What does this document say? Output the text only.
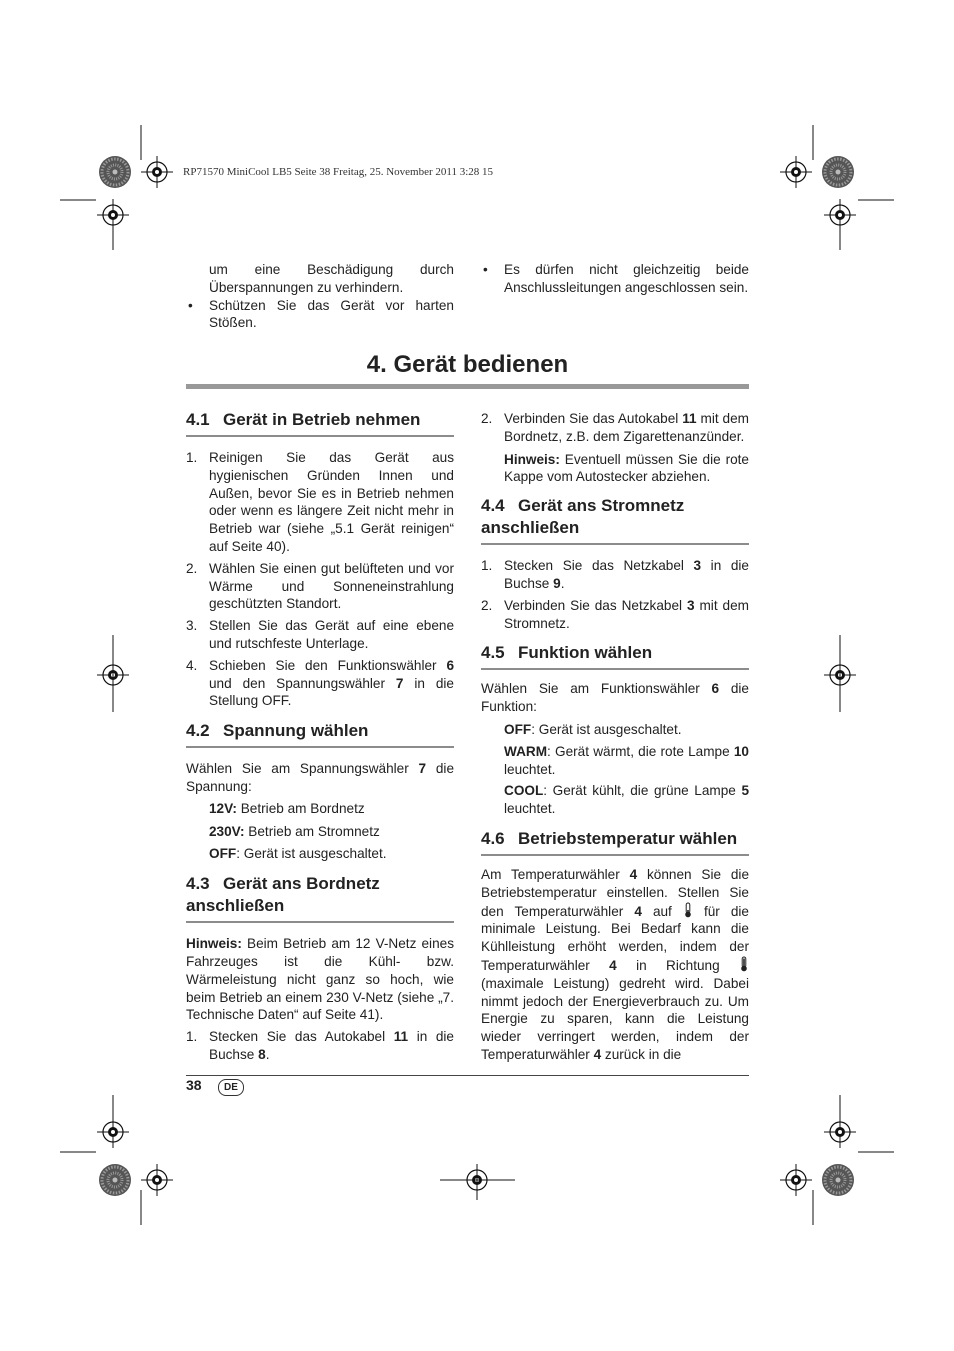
RP71570 MiniCool LB5 Seite 38 Freitag, 25. November 2011 3:28 15

um eine Beschädigung durch Überspannungen zu verhindern.

• Schützen Sie das Gerät vor harten Stößen.
• Es dürfen nicht gleichzeitig beide Anschlussleitungen angeschlossen sein.
4. Gerät bedienen
4.1 Gerät in Betrieb nehmen
1. Reinigen Sie das Gerät aus hygienischen Gründen Innen und Außen, bevor Sie es in Betrieb nehmen oder wenn es längere Zeit nicht mehr in Betrieb war (siehe „5.1 Gerät reinigen“ auf Seite 40).
2. Wählen Sie einen gut belüfteten und vor Wärme und Sonneneinstrahlung geschützten Standort.
3. Stellen Sie das Gerät auf eine ebene und rutschfeste Unterlage.
4. Schieben Sie den Funktionswähler 6 und den Spannungswähler 7 in die Stellung OFF.
4.2 Spannung wählen

Wählen Sie am Spannungswähler 7 die Spannung:

12V: Betrieb am Bordnetz

230V: Betrieb am Stromnetz

OFF: Gerät ist ausgeschaltet.

4.3 Gerät ans Bordnetz anschließen

Hinweis: Beim Betrieb am 12 V-Netz eines Fahrzeuges ist die Kühl- bzw. Wärmeleistung nicht ganz so hoch, wie beim Betrieb an einem 230 V-Netz (siehe „7. Technische Daten“ auf Seite 41).

1. Stecken Sie das Autokabel 11 in die Buchse 8.
2. Verbinden Sie das Autokabel 11 mit dem Bordnetz, z.B. dem Zigarettenanzünder.

Hinweis: Eventuell müssen Sie die rote Kappe vom Autostecker abziehen.

4.4 Gerät ans Stromnetz anschließen
1. Stecken Sie das Netzkabel 3 in die Buchse 9.
2. Verbinden Sie das Netzkabel 3 mit dem Stromnetz.
4.5 Funktion wählen

Wählen Sie am Funktionswähler 6 die Funktion:

OFF: Gerät ist ausgeschaltet.

WARM: Gerät wärmt, die rote Lampe 10 leuchtet.

COOL: Gerät kühlt, die grüne Lampe 5 leuchtet.

4.6 Betriebstemperatur wählen

Am Temperaturwähler 4 können Sie die Betriebstemperatur einstellen. Stellen Sie den Temperaturwähler 4 auf  für die minimale Leistung. Bei Bedarf kann die Kühlleistung erhöht werden, indem der Temperaturwähler 4 in Richtung  (maximale Leistung) gedreht wird. Dabei nimmt jedoch der Energieverbrauch zu. Um Energie zu sparen, kann die Leistung wieder verringert werden, indem der Temperaturwähler 4 zurück in die

38	DE
